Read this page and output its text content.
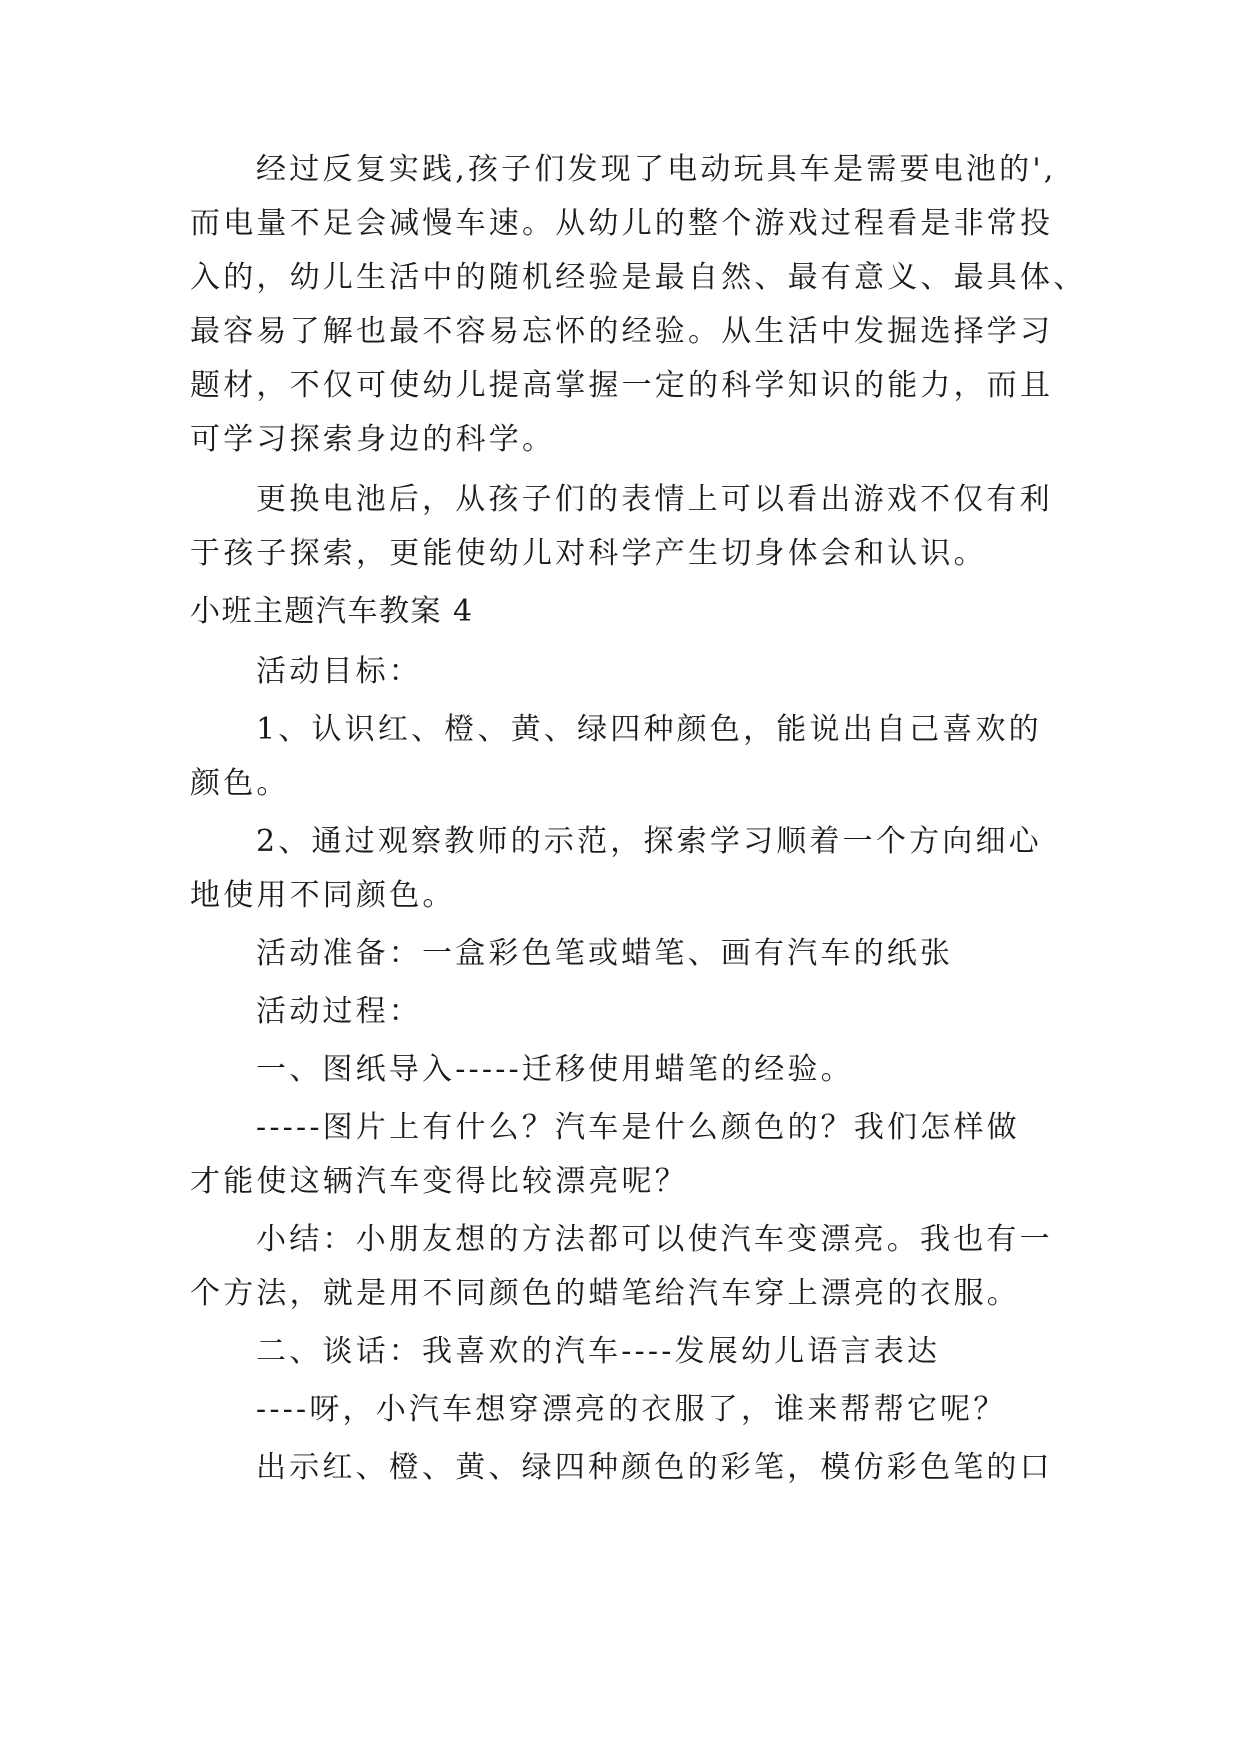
经过反复实践,孩子们发现了电动玩具车是需要电池的',
而电量不足会减慢车速。从幼儿的整个游戏过程看是非常投
入的，幼儿生活中的随机经验是最自然、最有意义、最具体、
最容易了解也最不容易忘怀的经验。从生活中发掘选择学习
题材，不仅可使幼儿提高掌握一定的科学知识的能力，而且
可学习探索身边的科学。
更换电池后，从孩子们的表情上可以看出游戏不仅有利
于孩子探索，更能使幼儿对科学产生切身体会和认识。
小班主题汽车教案 4
活动目标：
1、认识红、橙、黄、绿四种颜色，能说出自己喜欢的
颜色。
2、通过观察教师的示范，探索学习顺着一个方向细心
地使用不同颜色。
活动准备：一盒彩色笔或蜡笔、画有汽车的纸张
活动过程：
一、图纸导入-----迁移使用蜡笔的经验。
-----图片上有什么？汽车是什么颜色的？我们怎样做
才能使这辆汽车变得比较漂亮呢？
小结：小朋友想的方法都可以使汽车变漂亮。我也有一
个方法，就是用不同颜色的蜡笔给汽车穿上漂亮的衣服。
二、谈话：我喜欢的汽车----发展幼儿语言表达
----呀，小汽车想穿漂亮的衣服了，谁来帮帮它呢？
出示红、橙、黄、绿四种颜色的彩笔，模仿彩色笔的口
